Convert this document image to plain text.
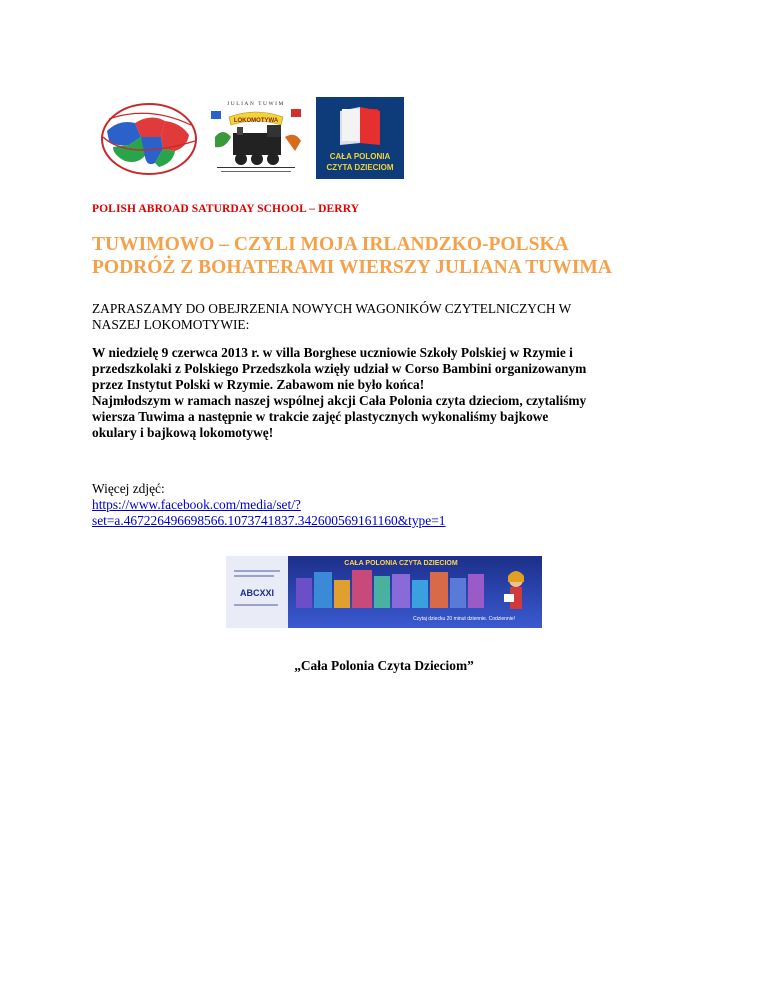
JULIAN TUWIM
LOKOMOTYWA
CAŁA POLONIA
CZYTA DZIECIOM

POLISH ABROAD SATURDAY SCHOOL – DERRY

TUWIMOWO – CZYLI MOJA IRLANDZKO-POLSKA
PODRÓŻ Z BOHATERAMI WIERSZY JULIANA TUWIMA

ZAPRASZAMY DO OBEJRZENIA NOWYCH WAGONIKÓW CZYTELNICZYCH W
NASZEJ LOKOMOTYWIE:

W niedzielę 9 czerwca 2013 r. w villa Borghese uczniowie Szkoły Polskiej w Rzymie i
przedszkolaki z Polskiego Przedszkola wzięły udział w Corso Bambini organizowanym
przez Instytut Polski w Rzymie. Zabawom nie było końca!
Najmłodszym w ramach naszej wspólnej akcji Cała Polonia czyta dzieciom, czytaliśmy
wiersza Tuwima a następnie w trakcie zajęć plastycznych wykonaliśmy bajkowe
okulary i bajkową lokomotywę!

Więcej zdjęć:
https://www.facebook.com/media/set/?
set=a.467226496698566.1073741837.342600569161160&type=1

ABCXXI
CAŁA POLONIA CZYTA DZIECIOM
Czytaj dziecku 20 minut dziennie. Codziennie!

„Cała Polonia Czyta Dzieciom”
